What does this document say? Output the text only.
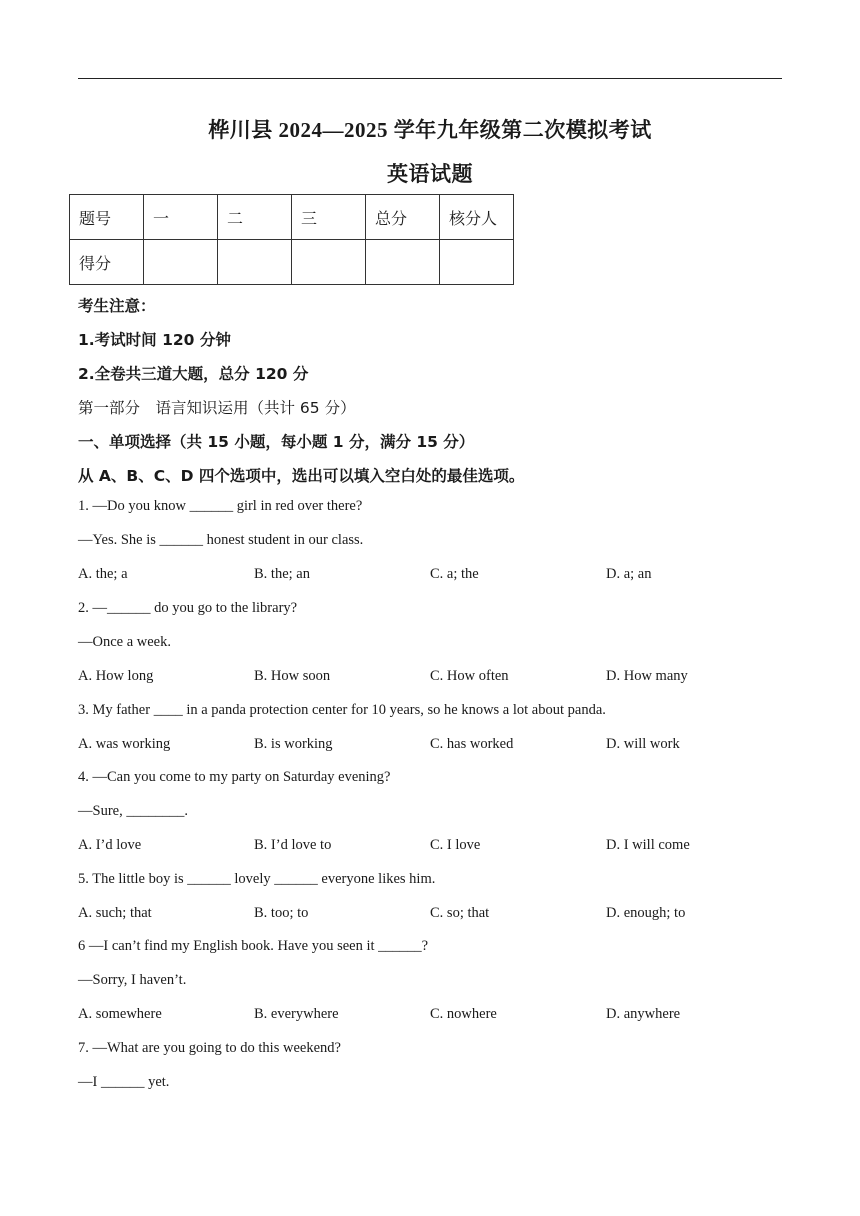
桦川县 2024—2025 学年九年级第二次模拟考试
英语试题
题号	一	二	三	总分	核分人
得分					
考生注意：
1.考试时间 120 分钟
2.全卷共三道大题，总分 120 分
第一部分　语言知识运用（共计 65 分）
一、单项选择（共 15 小题，每小题 1 分，满分 15 分）
从 A、B、C、D 四个选项中，选出可以填入空白处的最佳选项。
1. —Do you know ______ girl in red over there?
—Yes. She is ______ honest student in our class.
A. the; a	B. the; an	C. a; the	D. a; an
2. —______ do you go to the library?
—Once a week.
A. How long	B. How soon	C. How often	D. How many
3. My father ____ in a panda protection center for 10 years, so he knows a lot about panda.
A. was working	B. is working	C. has worked	D. will work
4. —Can you come to my party on Saturday evening?
—Sure, ________.
A. I’d love	B. I’d love to	C. I love	D. I will come
5. The little boy is ______ lovely ______ everyone likes him.
A. such; that	B. too; to	C. so; that	D. enough; to
6 —I can’t find my English book. Have you seen it ______?
—Sorry, I haven’t.
A. somewhere	B. everywhere	C. nowhere	D. anywhere
7. —What are you going to do this weekend?
—I ______ yet.
